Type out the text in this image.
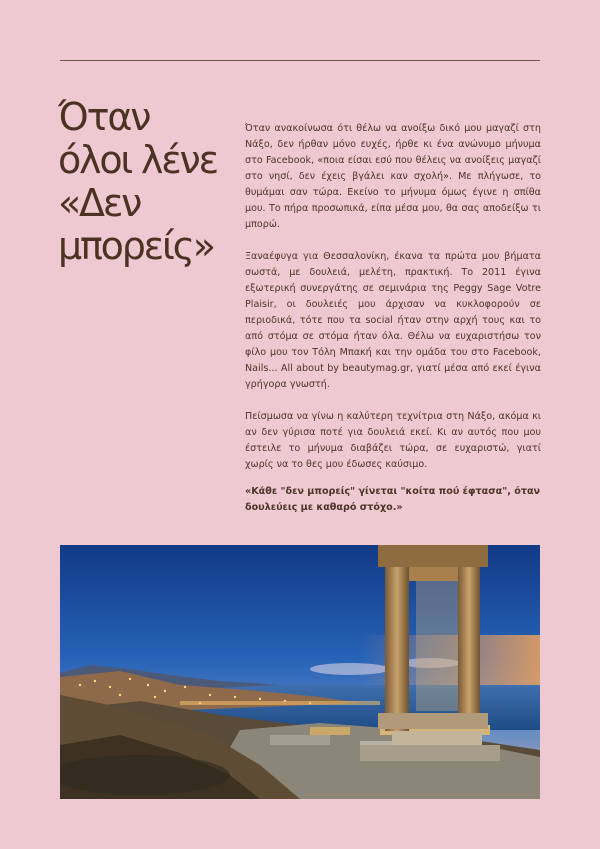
Όταν
όλοι λένε
«Δεν
μπορείς»

Όταν ανακοίνωσα ότι θέλω να ανοίξω δικό μου μαγαζί στη Νάξο, δεν ήρθαν μόνο ευχές, ήρθε κι ένα ανώνυμο μήνυμα στο Facebook, «ποια είσαι εσύ που θέλεις να ανοίξεις μαγαζί στο νησί, δεν έχεις βγάλει καν σχολή». Με πλήγωσε, το θυμάμαι σαν τώρα. Εκείνο το μήνυμα όμως έγινε η σπίθα μου. Το πήρα προσωπικά, είπα μέσα μου, θα σας αποδείξω τι μπορώ.

Ξαναέφυγα για Θεσσαλονίκη, έκανα τα πρώτα μου βήματα σωστά, με δουλειά, μελέτη, πρακτική. Το 2011 έγινα εξωτερική συνεργάτης σε σεμινάρια της Peggy Sage Votre Plaisir, οι δουλειές μου άρχισαν να κυκλοφορούν σε περιοδικά, τότε που τα social ήταν στην αρχή τους και το από στόμα σε στόμα ήταν όλα. Θέλω να ευχαριστήσω τον φίλο μου τον Τόλη Μπακή και την ομάδα του στο Facebook, Nails... All about by beautymag.gr, γιατί μέσα από εκεί έγινα γρήγορα γνωστή.

Πείσμωσα να γίνω η καλύτερη τεχνίτρια στη Νάξο, ακόμα κι αν δεν γύρισα ποτέ για δουλειά εκεί. Κι αν αυτός που μου έστειλε το μήνυμα διαβάζει τώρα, σε ευχαριστώ, γιατί χωρίς να το θες μου έδωσες καύσιμο.

«Κάθε "δεν μπορείς" γίνεται "κοίτα πού έφτασα", όταν δουλεύεις με καθαρό στόχο.»
